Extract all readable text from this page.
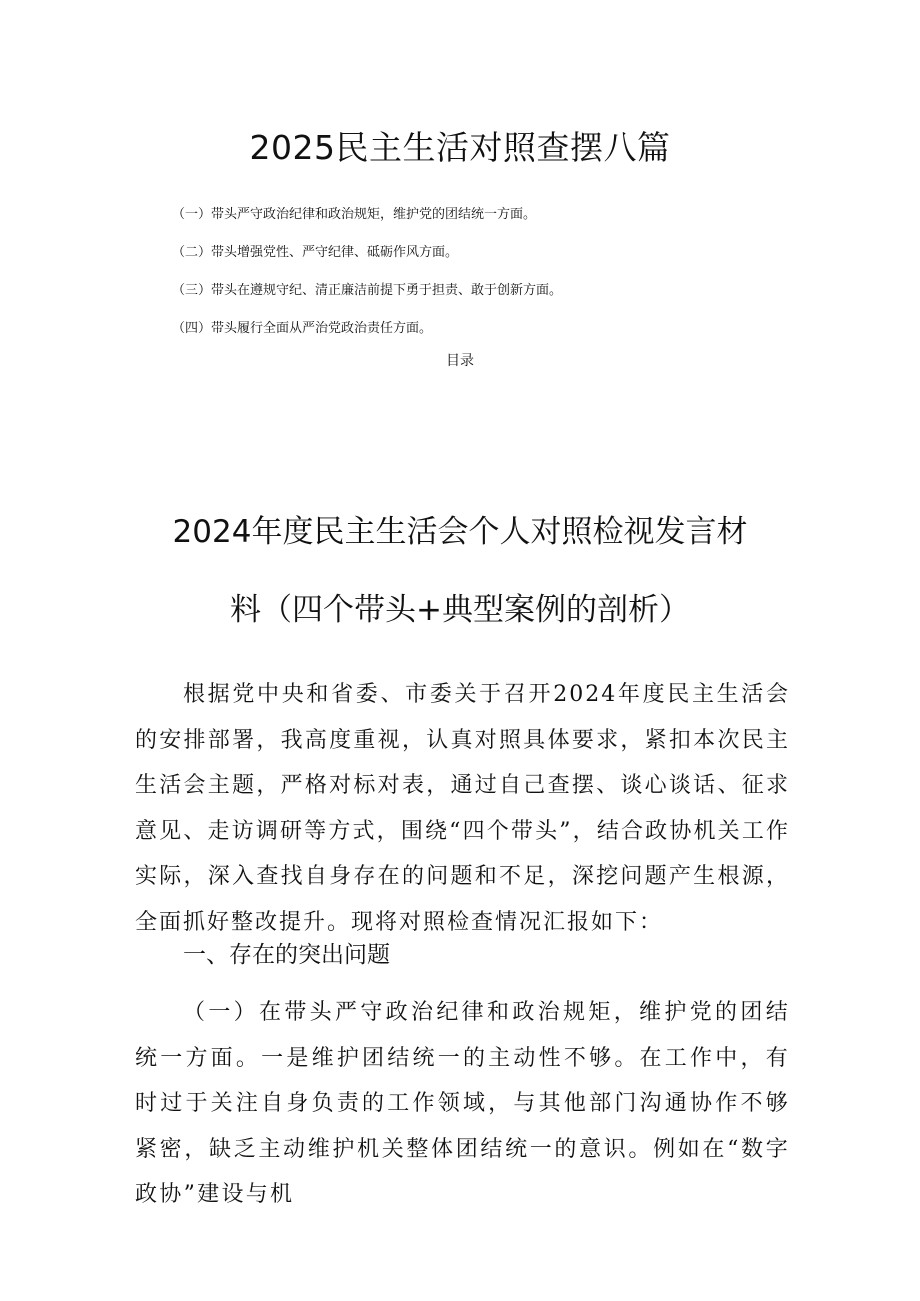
2025民主生活对照查摆八篇
（一）带头严守政治纪律和政治规矩，维护党的团结统一方面。
（二）带头增强党性、严守纪律、砥砺作风方面。
（三）带头在遵规守纪、清正廉洁前提下勇于担责、敢于创新方面。
（四）带头履行全面从严治党政治责任方面。
目录
2024年度民主生活会个人对照检视发言材
料（四个带头+典型案例的剖析）

根据党中央和省委、市委关于召开2024年度民主生活会的安排部署，我高度重视，认真对照具体要求，紧扣本次民主生活会主题，严格对标对表，通过自己查摆、谈心谈话、征求意见、走访调研等方式，围绕“四个带头”，结合政协机关工作实际，深入查找自身存在的问题和不足，深挖问题产生根源，全面抓好整改提升。现将对照检查情况汇报如下：

一、存在的突出问题

（一）在带头严守政治纪律和政治规矩，维护党的团结统一方面。一是维护团结统一的主动性不够。在工作中，有时过于关注自身负责的工作领域，与其他部门沟通协作不够紧密，缺乏主动维护机关整体团结统一的意识。例如在“数字政协”建设与机
